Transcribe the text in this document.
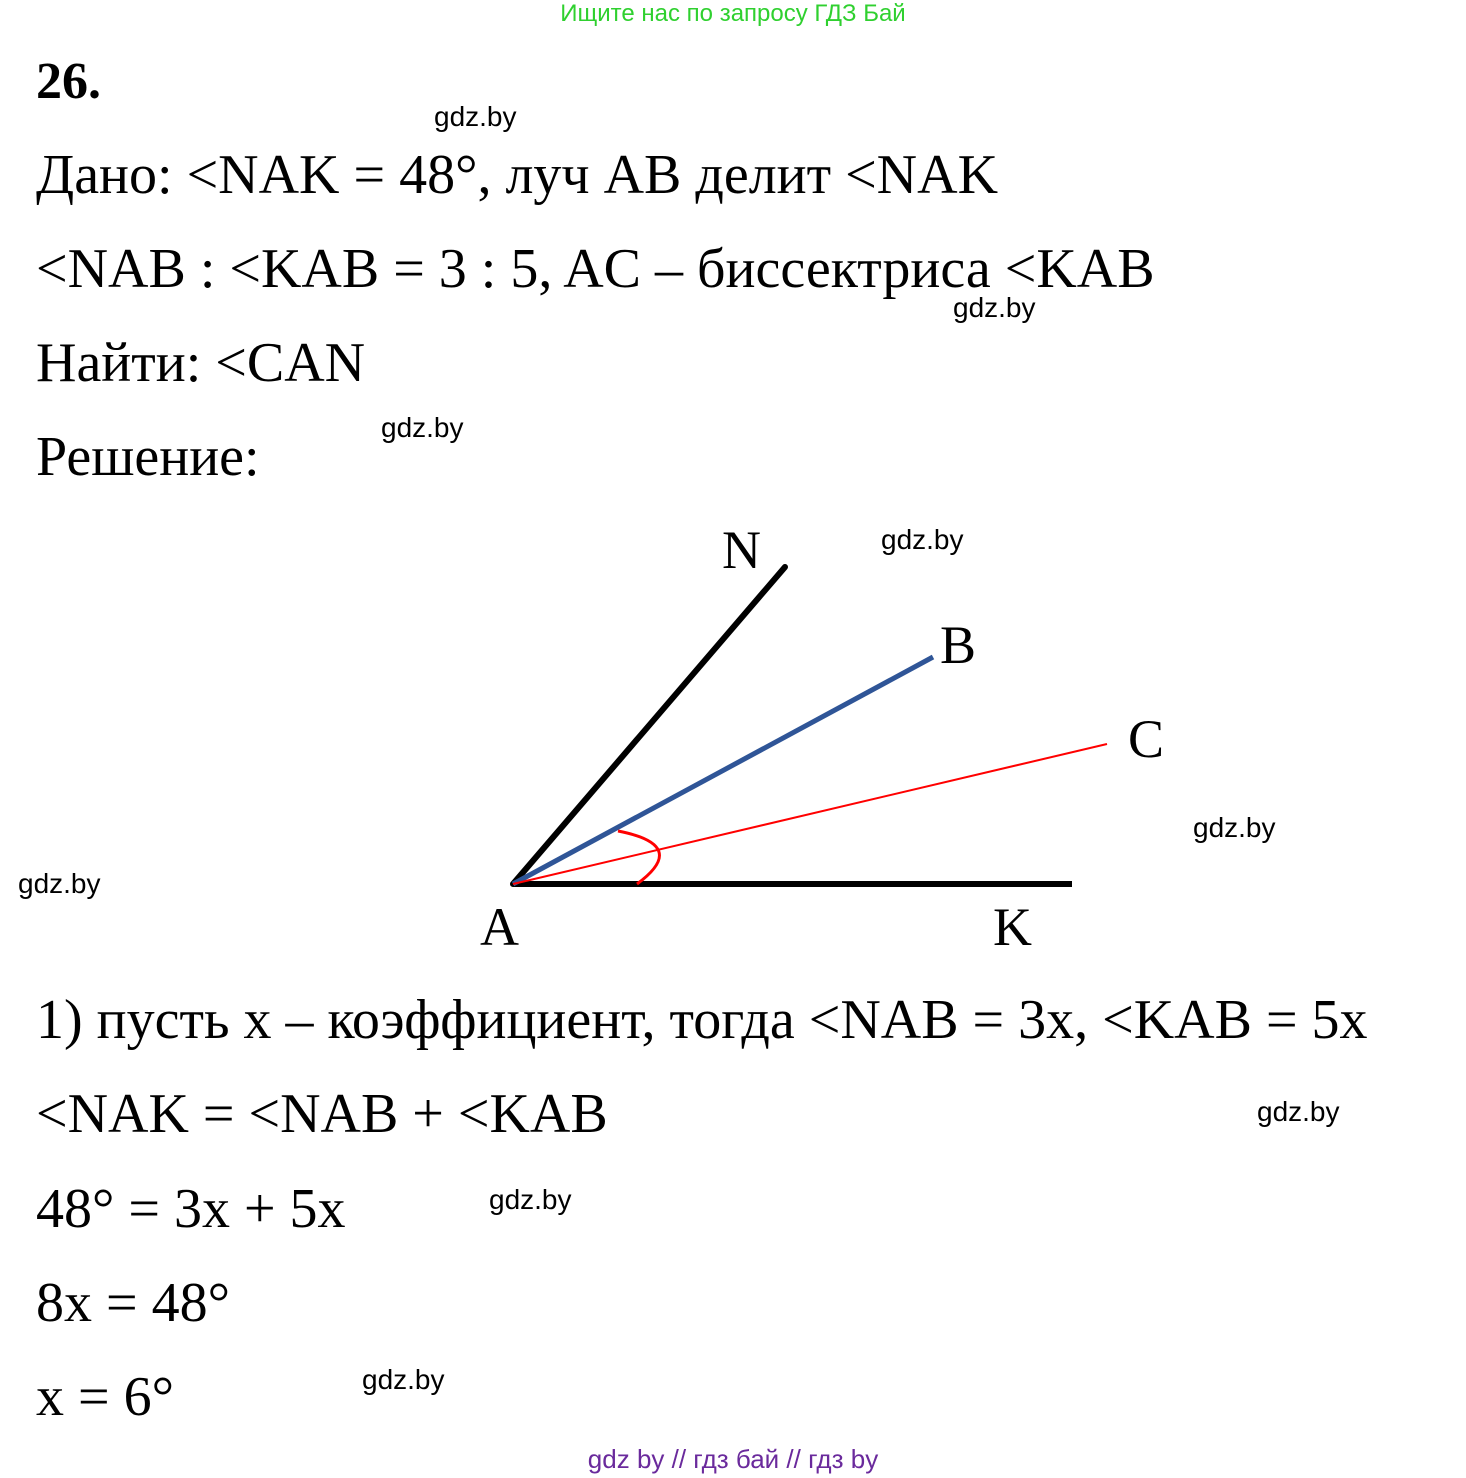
Ищите нас по запросу ГДЗ Бай
26.
Дано: <NAK = 48°, луч АВ делит <NAK
<NAB : <KAB = 3 : 5, AC – биссектриса <KAB
Найти: <CAN
Решение:
N
B
C
A	K
1) пусть х – коэффициент, тогда <NAB = 3х, <KAB = 5х
<NAK = <NAB + <KAB
48° = 3х + 5х
8х = 48°
х = 6°
gdz.by
gdz.by
gdz.by
gdz.by
gdz.by
gdz.by
gdz.by
gdz.by
gdz.by
gdz by // гдз бай // гдз by
